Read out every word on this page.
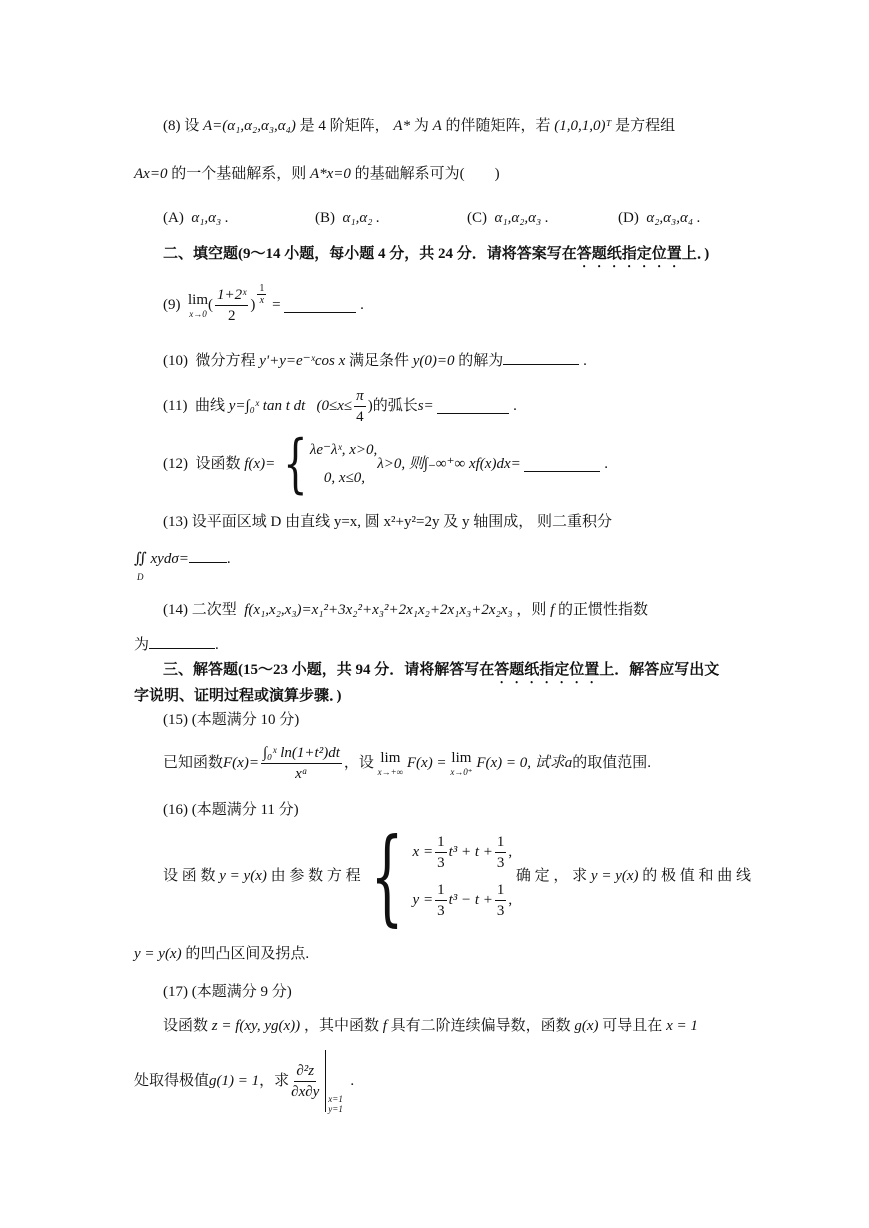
(8) 设 A=(α₁,α₂,α₃,α₄) 是 4 阶矩阵， A* 为 A 的伴随矩阵，若 (1,0,1,0)ᵀ 是方程组
Ax=0 的一个基础解系，则 A*x=0 的基础解系可为(　　)
(A) α₁,α₃ .	(B) α₁,α₂ .	(C) α₁,α₂,α₃ .	(D) α₂,α₃,α₄ .
二、填空题(9～14 小题，每小题 4 分，共 24 分．请将答案写在答题纸指定位置上．)
(9)
lim
x→0
( $\frac{\text{1+2ˣ}}{2}$ ) $\frac{1}{x}$
=
	.
(10) 微分方程 y'+y=e⁻ˣcos x 满足条件 y(0)=0 的解为	.
(11)
曲线
y=∫₀ˣ tan t dt
($0\le x\le \frac{\pi}{4}$ ) 的弧长 s=
	.
(12)
设函数
f(x)= { λe⁻λˣ, x>0,
0, x≤0,
λ>0, 则 ∫₋∞⁺∞ xf(x)dx=
	.
(13) 设平面区域 D 由直线 y=x, 圆 x²+y²=2y 及 y 轴围成， 则二重积分
∬ xydσ=	.
D
(14) 二次型 f(x₁,x₂,x₃)=x₁²+3x₂²+x₃²+2x₁x₂+2x₁x₃+2x₂x₃ ，则 f 的正惯性指数
为	.
三、解答题(15～23 小题，共 94 分．请将解答写在答题纸指定位置上．解答应写出文
字说明、证明过程或演算步骤．)
(15) (本题满分 10 分)
已知函数 $F(x)= \frac{\text{∫₀ˣ ln(1+t²)dt}}{\text{xᵃ}}$ ，设
lim
x→+∞

F(x) =
lim
x→0⁺

F(x) = 0, 试求 a 的取值范围.
(16) (本题满分 11 分)
设 函 数
y = y(x)
由 参 数 方 程
{ $x = \frac{1}{3} t^3 + t + \frac{1}{3}$ ,
$y = \frac{1}{3} t^3 - t + \frac{1}{3}$ ,

确 定 ， 求
y = y(x)
的 极 值 和 曲 线
y = y(x) 的凹凸区间及拐点.
(17) (本题满分 9 分)
设函数 z = f(xy, yg(x)) ，其中函数 f 具有二阶连续偏导数，函数 g(x) 可导且在 x = 1
处取得极值 g(1) = 1 ，求 $\frac{\text{∂²z}}{\partial x\partial y} x=1$
y=1

.
